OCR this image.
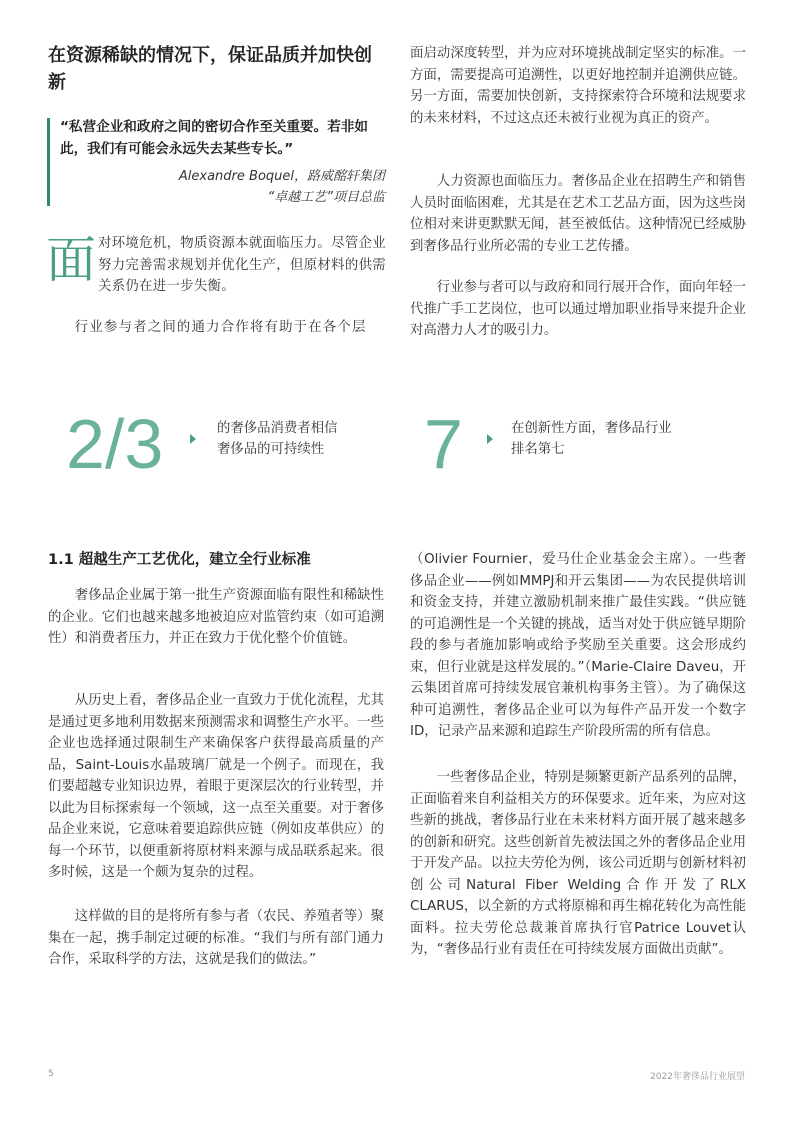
在资源稀缺的情况下，保证品质并加快创新
“私营企业和政府之间的密切合作至关重要。若非如此，我们有可能会永远失去某些专长。”
Alexandre Boquel，路威酩轩集团
“卓越工艺”项目总监
面 对环境危机，物质资源本就面临压力。尽管企业努力完善需求规划并优化生产，但原材料的供需关系仍在进一步失衡。

行业参与者之间的通力合作将有助于在各个层

面启动深度转型，并为应对环境挑战制定坚实的标准。一方面，需要提高可追溯性，以更好地控制并追溯供应链。另一方面，需要加快创新，支持探索符合环境和法规要求的未来材料，不过这点还未被行业视为真正的资产。

人力资源也面临压力。奢侈品企业在招聘生产和销售人员时面临困难，尤其是在艺术工艺品方面，因为这些岗位相对来讲更默默无闻，甚至被低估。这种情况已经威胁到奢侈品行业所必需的专业工艺传播。

行业参与者可以与政府和同行展开合作，面向年轻一代推广手工艺岗位，也可以通过增加职业指导来提升企业对高潜力人才的吸引力。

2/3	的奢侈品消费者相信
奢侈品的可持续性 7	在创新性方面，奢侈品行业
排名第七
1.1 超越生产工艺优化，建立全行业标准

奢侈品企业属于第一批生产资源面临有限性和稀缺性的企业。它们也越来越多地被迫应对监管约束（如可追溯性）和消费者压力，并正在致力于优化整个价值链。

从历史上看，奢侈品企业一直致力于优化流程，尤其是通过更多地利用数据来预测需求和调整生产水平。一些企业也选择通过限制生产来确保客户获得最高质量的产品，Saint-Louis水晶玻璃厂就是一个例子。而现在，我们要超越专业知识边界，着眼于更深层次的行业转型，并以此为目标探索每一个领域，这一点至关重要。对于奢侈品企业来说，它意味着要追踪供应链（例如皮革供应）的每一个环节，以便重新将原材料来源与成品联系起来。很多时候，这是一个颇为复杂的过程。

这样做的目的是将所有参与者（农民、养殖者等）聚集在一起，携手制定过硬的标准。“我们与所有部门通力合作，采取科学的方法，这就是我们的做法。”

（Olivier Fournier，爱马仕企业基金会主席）。一些奢侈品企业——例如MMPJ和开云集团——为农民提供培训和资金支持，并建立激励机制来推广最佳实践。“供应链的可追溯性是一个关键的挑战，适当对处于供应链早期阶段的参与者施加影响或给予奖励至关重要。这会形成约束，但行业就是这样发展的。”（Marie-Claire Daveu，开云集团首席可持续发展官兼机构事务主管）。为了确保这种可追溯性，奢侈品企业可以为每件产品开发一个数字ID，记录产品来源和追踪生产阶段所需的所有信息。

一些奢侈品企业，特别是频繁更新产品系列的品牌，正面临着来自利益相关方的环保要求。近年来，为应对这些新的挑战，奢侈品行业在未来材料方面开展了越来越多的创新和研究。这些创新首先被法国之外的奢侈品企业用于开发产品。以拉夫劳伦为例，该公司近期与创新材料初创公司Natural Fiber Welding合作开发了RLX CLARUS，以全新的方式将原棉和再生棉花转化为高性能面料。拉夫劳伦总裁兼首席执行官Patrice Louvet认为，“奢侈品行业有责任在可持续发展方面做出贡献”。

5	2022年奢侈品行业展望
